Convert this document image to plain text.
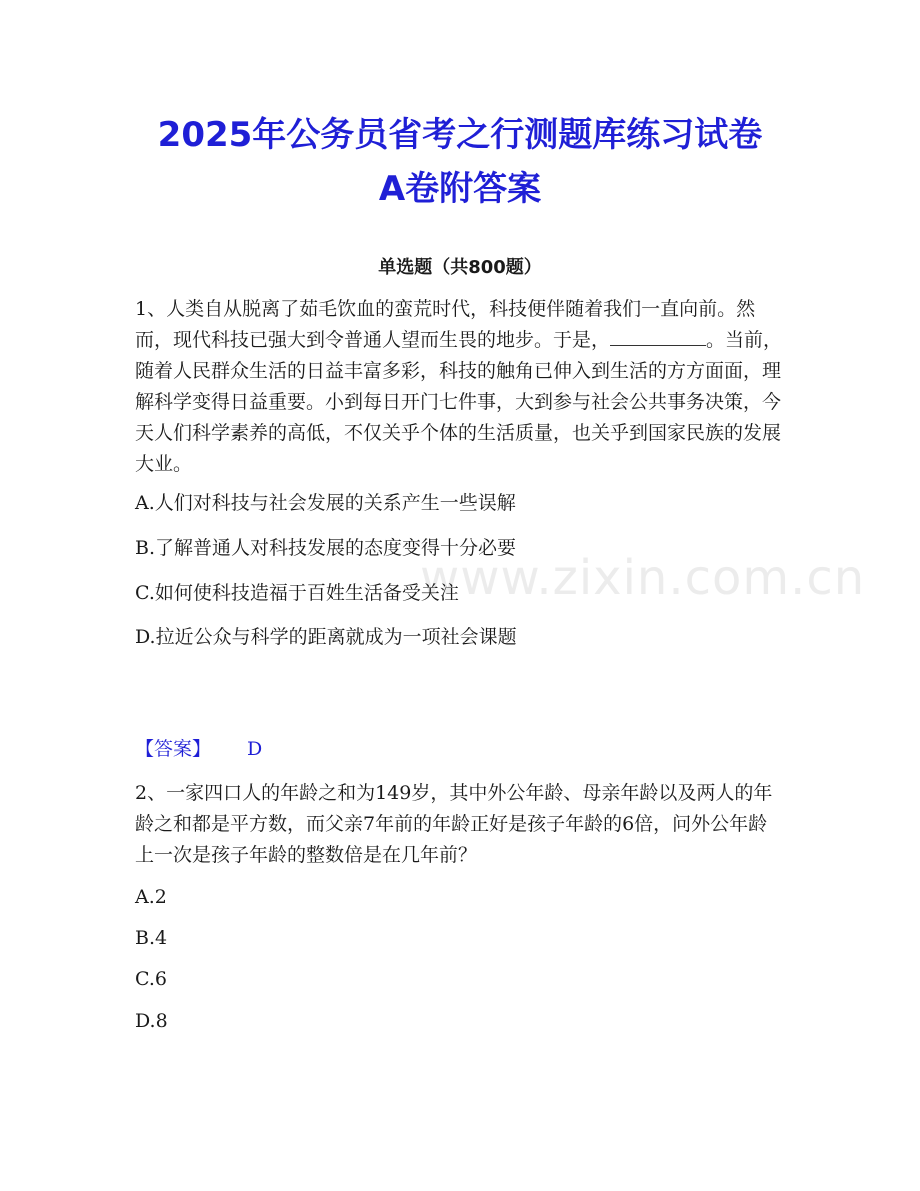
www.zixin.com.cn
2025年公务员省考之行测题库练习试卷
A卷附答案
单选题（共800题）

1、人类自从脱离了茹毛饮血的蛮荒时代，科技便伴随着我们一直向前。然而，现代科技已强大到令普通人望而生畏的地步。于是，	。当前，随着人民群众生活的日益丰富多彩，科技的触角已伸入到生活的方方面面，理解科学变得日益重要。小到每日开门七件事，大到参与社会公共事务决策，今天人们科学素养的高低，不仅关乎个体的生活质量，也关乎到国家民族的发展大业。

A.人们对科技与社会发展的关系产生一些误解
B.了解普通人对科技发展的态度变得十分必要
C.如何使科技造福于百姓生活备受关注
D.拉近公众与科学的距离就成为一项社会课题
【答案】 D

2、一家四口人的年龄之和为149岁，其中外公年龄、母亲年龄以及两人的年龄之和都是平方数，而父亲7年前的年龄正好是孩子年龄的6倍，问外公年龄上一次是孩子年龄的整数倍是在几年前？

A.2
B.4
C.6
D.8
